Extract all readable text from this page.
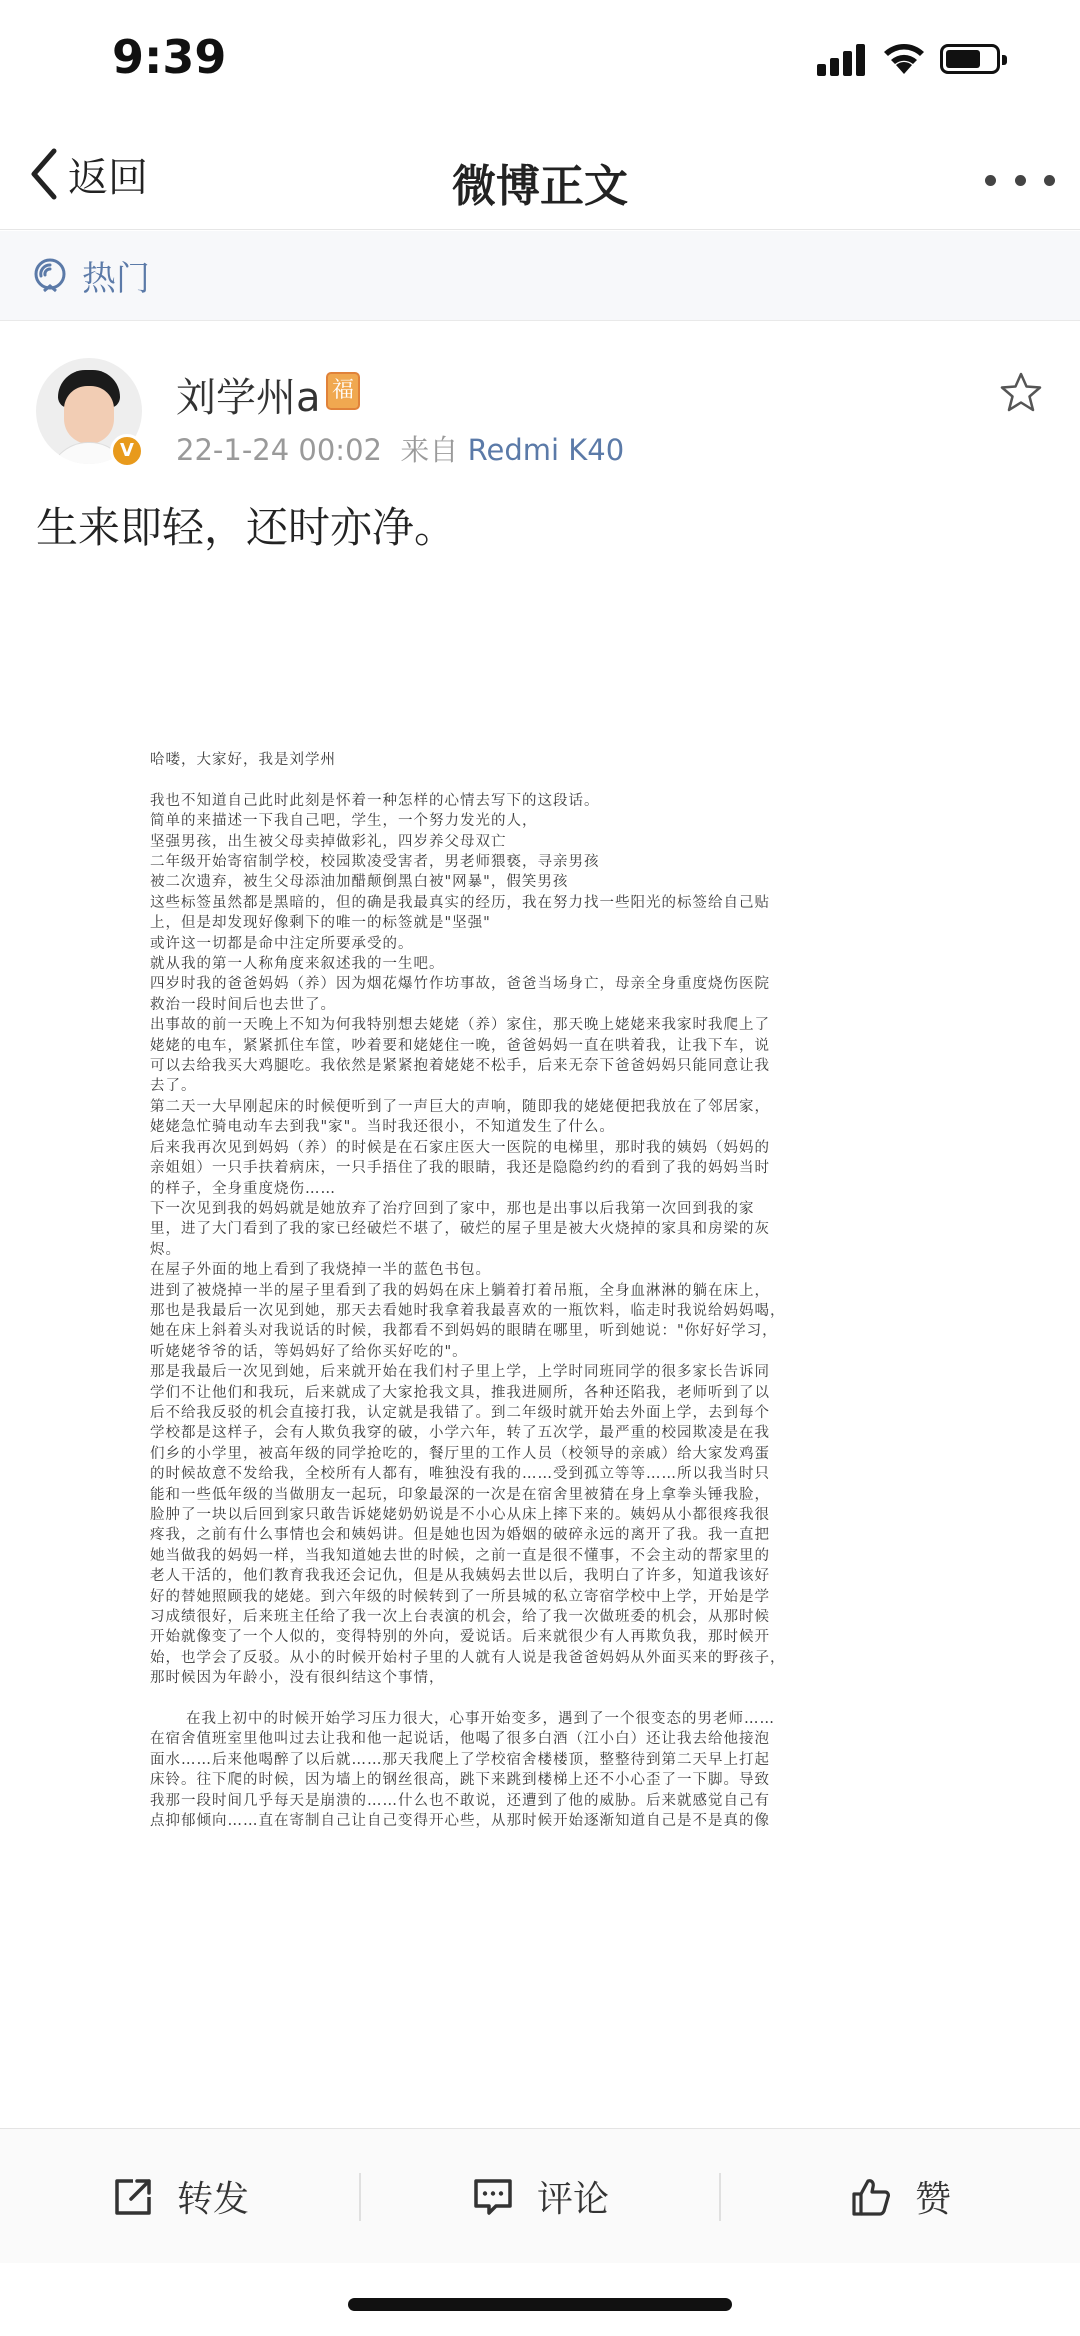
9:39
返回	微博正文
热门
V
刘学州a 福
22-1-24 00:02 来自 Redmi K40
生来即轻，还时亦净。
哈喽，大家好，我是刘学州
我也不知道自己此时此刻是怀着一种怎样的心情去写下的这段话。
简单的来描述一下我自己吧，学生，一个努力发光的人，
坚强男孩，出生被父母卖掉做彩礼，四岁养父母双亡
二年级开始寄宿制学校，校园欺凌受害者，男老师猥亵，寻亲男孩
被二次遗弃，被生父母添油加醋颠倒黑白被"网暴"，假笑男孩
这些标签虽然都是黑暗的，但的确是我最真实的经历，我在努力找一些阳光的标签给自己贴
上，但是却发现好像剩下的唯一的标签就是"坚强"
或许这一切都是命中注定所要承受的。
就从我的第一人称角度来叙述我的一生吧。
四岁时我的爸爸妈妈（养）因为烟花爆竹作坊事故，爸爸当场身亡，母亲全身重度烧伤医院
救治一段时间后也去世了。
出事故的前一天晚上不知为何我特别想去姥姥（养）家住，那天晚上姥姥来我家时我爬上了
姥姥的电车，紧紧抓住车筐，吵着要和姥姥住一晚，爸爸妈妈一直在哄着我，让我下车，说
可以去给我买大鸡腿吃。我依然是紧紧抱着姥姥不松手，后来无奈下爸爸妈妈只能同意让我
去了。
第二天一大早刚起床的时候便听到了一声巨大的声响，随即我的姥姥便把我放在了邻居家，
姥姥急忙骑电动车去到我"家"。当时我还很小，不知道发生了什么。
后来我再次见到妈妈（养）的时候是在石家庄医大一医院的电梯里，那时我的姨妈（妈妈的
亲姐姐）一只手扶着病床，一只手捂住了我的眼睛，我还是隐隐约约的看到了我的妈妈当时
的样子，全身重度烧伤……
下一次见到我的妈妈就是她放弃了治疗回到了家中，那也是出事以后我第一次回到我的家
里，进了大门看到了我的家已经破烂不堪了，破烂的屋子里是被大火烧掉的家具和房梁的灰
烬。
在屋子外面的地上看到了我烧掉一半的蓝色书包。
进到了被烧掉一半的屋子里看到了我的妈妈在床上躺着打着吊瓶，全身血淋淋的躺在床上，
那也是我最后一次见到她，那天去看她时我拿着我最喜欢的一瓶饮料，临走时我说给妈妈喝，
她在床上斜着头对我说话的时候，我都看不到妈妈的眼睛在哪里，听到她说："你好好学习，
听姥姥爷爷的话，等妈妈好了给你买好吃的"。
那是我最后一次见到她，后来就开始在我们村子里上学，上学时同班同学的很多家长告诉同
学们不让他们和我玩，后来就成了大家抢我文具，推我进厕所，各种还陷我，老师听到了以
后不给我反驳的机会直接打我，认定就是我错了。到二年级时就开始去外面上学，去到每个
学校都是这样子，会有人欺负我穿的破，小学六年，转了五次学，最严重的校园欺凌是在我
们乡的小学里，被高年级的同学抢吃的，餐厅里的工作人员（校领导的亲戚）给大家发鸡蛋
的时候故意不发给我，全校所有人都有，唯独没有我的……受到孤立等等……所以我当时只
能和一些低年级的当做朋友一起玩，印象最深的一次是在宿舍里被猜在身上拿拳头锤我脸，
脸肿了一块以后回到家只敢告诉姥姥奶奶说是不小心从床上摔下来的。姨妈从小都很疼我很
疼我，之前有什么事情也会和姨妈讲。但是她也因为婚姻的破碎永远的离开了我。我一直把
她当做我的妈妈一样，当我知道她去世的时候，之前一直是很不懂事，不会主动的帮家里的
老人干活的，他们教育我我还会记仇，但是从我姨妈去世以后，我明白了许多，知道我该好
好的替她照顾我的姥姥。到六年级的时候转到了一所县城的私立寄宿学校中上学，开始是学
习成绩很好，后来班主任给了我一次上台表演的机会，给了我一次做班委的机会，从那时候
开始就像变了一个人似的，变得特别的外向，爱说话。后来就很少有人再欺负我，那时候开
始，也学会了反驳。从小的时候开始村子里的人就有人说是我爸爸妈妈从外面买来的野孩子，
那时候因为年龄小，没有很纠结这个事情，
在我上初中的时候开始学习压力很大，心事开始变多，遇到了一个很变态的男老师……
在宿舍值班室里他叫过去让我和他一起说话，他喝了很多白酒（江小白）还让我去给他接泡
面水……后来他喝醉了以后就……那天我爬上了学校宿舍楼楼顶，整整待到第二天早上打起
床铃。往下爬的时候，因为墙上的钢丝很高，跳下来跳到楼梯上还不小心歪了一下脚。导致
我那一段时间几乎每天是崩溃的……什么也不敢说，还遭到了他的威胁。后来就感觉自己有
点抑郁倾向……直在寄制自己让自己变得开心些，从那时候开始逐渐知道自己是不是真的像
转发	评论	赞
